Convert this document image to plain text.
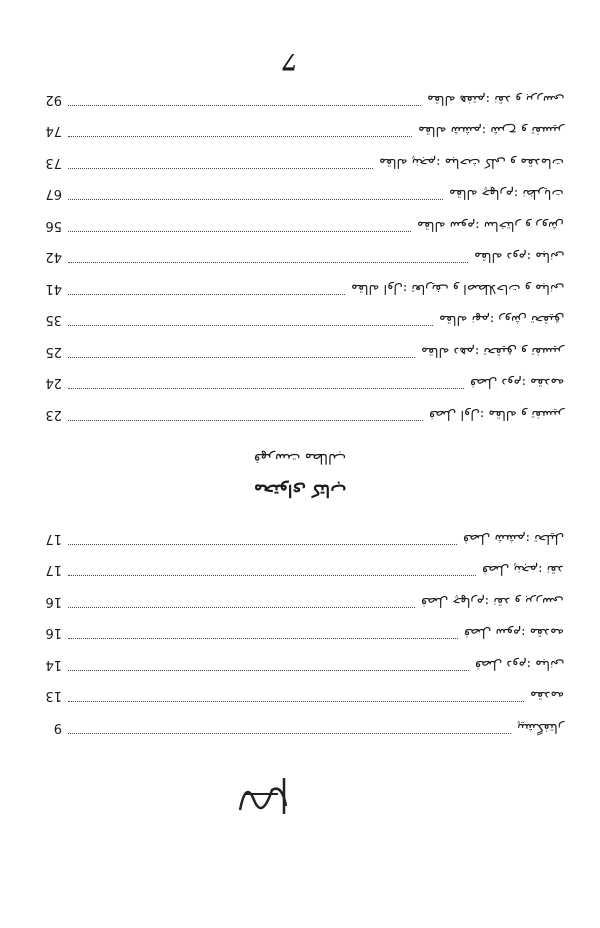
7
92	مقاله هفتم: نقد و بررسی
74	مقاله ششم: شرح و تفسیر
73	مقاله پنجم: مباحث کلی و مقدمات
67	مقاله چهارم: نظریات
56	مقاله سوم: ساختار و روش
42	مقاله دوم: مبانی
41	مقاله اول: تعاریف و اصطلاحات و مبانی
35	مقاله نهم: روش تحقیق
25	مقاله دهم: تحقیق و تفسیر
24	فصل دوم: مقدمه
23	فصل اول: مقاله و تفسیر
محتوای کتاب
فهرست مطالب
17	فصل ششم: تحلیل
17	فصل پنجم: نقد
16	فصل چهارم: نقد و بررسی
16	فصل سوم: مقدمه
14	فصل دوم: مبانی
13	مقدمه
9	پیشگفتار
